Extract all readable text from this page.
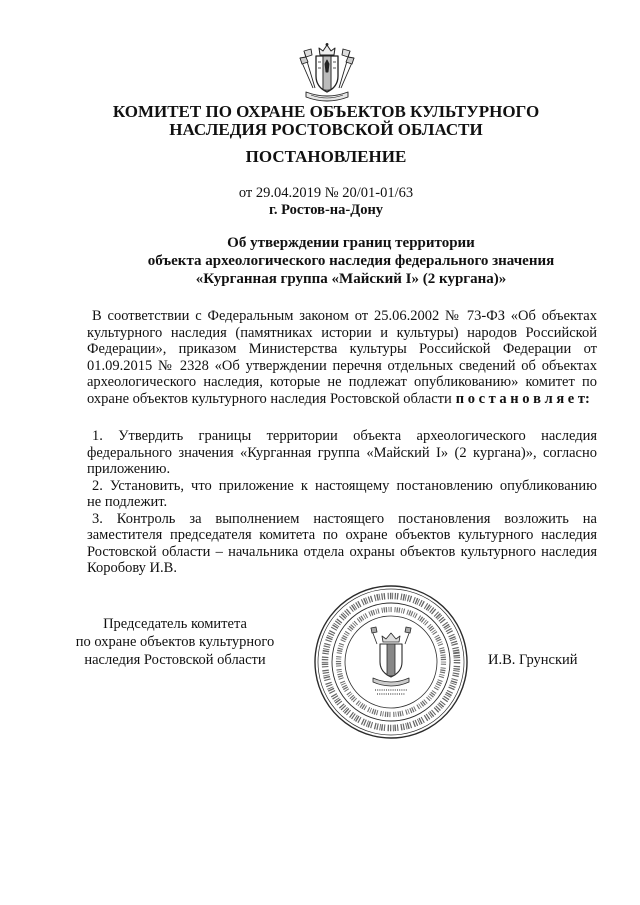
КОМИТЕТ ПО ОХРАНЕ ОБЪЕКТОВ КУЛЬТУРНОГО
НАСЛЕДИЯ РОСТОВСКОЙ ОБЛАСТИ
ПОСТАНОВЛЕНИЕ
от 29.04.2019 № 20/01-01/63
г. Ростов-на-Дону
Об утверждении границ территории
объекта археологического наследия федерального значения
«Курганная группа «Майский I» (2 кургана)»
В соответствии с Федеральным законом от 25.06.2002 № 73-ФЗ «Об объектах
культурного наследия (памятниках истории и культуры) народов Российской
Федерации», приказом Министерства культуры Российской Федерации от
01.09.2015 № 2328 «Об утверждении перечня отдельных сведений об объектах
археологического наследия, которые не подлежат опубликованию» комитет по
охране объектов культурного наследия Ростовской области п о с т а н о в л я е т:
1. Утвердить границы территории объекта археологического наследия
федерального значения «Курганная группа «Майский I» (2 кургана)», согласно
приложению.
2. Установить, что приложение к настоящему постановлению опубликованию
не подлежит.
3. Контроль за выполнением настоящего постановления возложить на
заместителя председателя комитета по охране объектов культурного наследия
Ростовской области – начальника отдела охраны объектов культурного наследия
Коробову И.В.
Председатель комитета
по охране объектов культурного
наследия Ростовской области	И.В. Грунский
